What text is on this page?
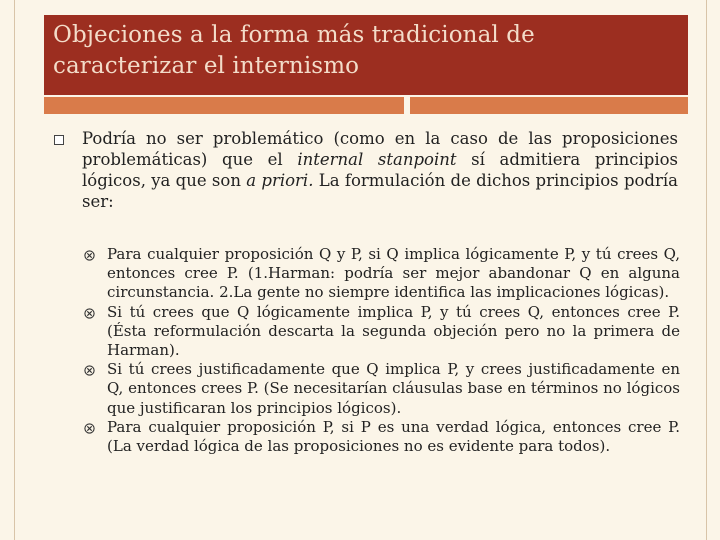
Objeciones a la forma más tradicional de caracterizar el internismo
Podría no ser problemático (como en la caso de las proposiciones problemáticas) que el internal stanpoint sí admitiera principios lógicos, ya que son a priori. La formulación de dichos principios podría ser:
Para cualquier proposición Q y P, si Q implica lógicamente P, y tú crees Q, entonces cree P. (1.Harman: podría ser mejor abandonar Q en alguna circunstancia. 2.La gente no siempre identifica las implicaciones lógicas).
Si tú crees que Q lógicamente implica P, y tú crees Q, entonces cree P. (Ésta reformulación descarta la segunda objeción pero no la primera de Harman).
Si tú crees justificadamente que Q implica P, y crees justificadamente en Q, entonces crees P. (Se necesitarían cláusulas base en términos no lógicos que justificaran los principios lógicos).
Para cualquier proposición P, si P es una verdad lógica, entonces cree P. (La verdad lógica de las proposiciones no es evidente para todos).
